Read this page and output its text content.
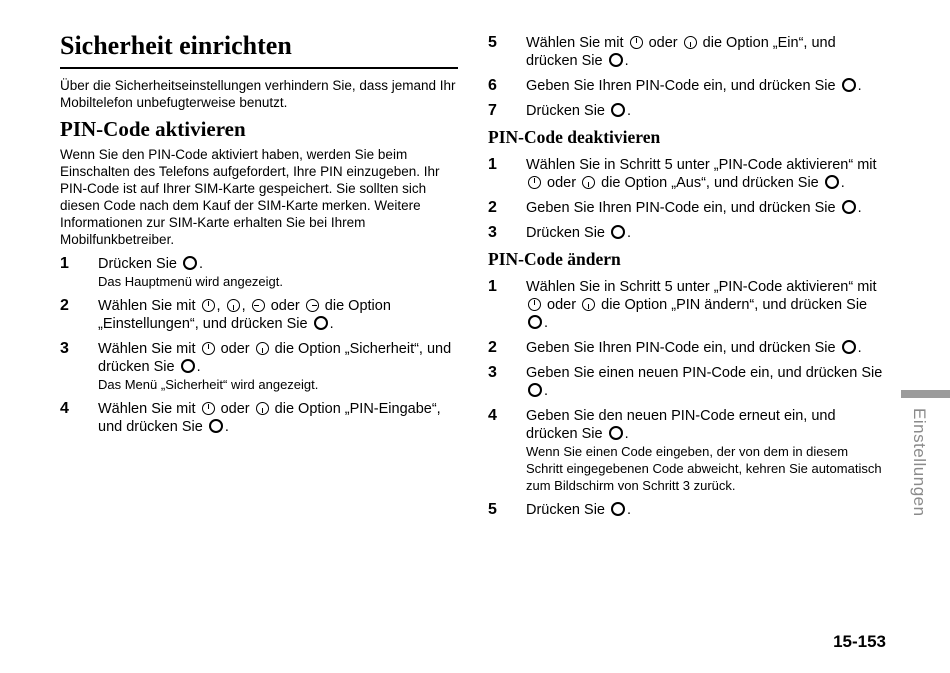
Sicherheit einrichten
Über die Sicherheitseinstellungen verhindern Sie, dass jemand Ihr Mobiltelefon unbefugterweise benutzt.
PIN-Code aktivieren
Wenn Sie den PIN-Code aktiviert haben, werden Sie beim Einschalten des Telefons aufgefordert, Ihre PIN einzugeben. Ihr PIN-Code ist auf Ihrer SIM-Karte gespeichert. Sie sollten sich diesen Code nach dem Kauf der SIM-Karte merken. Weitere Informationen zur SIM-Karte erhalten Sie bei Ihrem Mobilfunkbetreiber.
1 Drücken Sie .
Das Hauptmenü wird angezeigt.
2 Wählen Sie mit , , oder die Option „Einstellungen“, und drücken Sie .
3 Wählen Sie mit oder die Option „Sicherheit“, und drücken Sie .
Das Menü „Sicherheit“ wird angezeigt.
4 Wählen Sie mit oder die Option „PIN-Eingabe“, und drücken Sie .
5 Wählen Sie mit oder die Option „Ein“, und drücken Sie .
6 Geben Sie Ihren PIN-Code ein, und drücken Sie .
7 Drücken Sie .
PIN-Code deaktivieren
1 Wählen Sie in Schritt 5 unter „PIN-Code aktivieren“ mit  oder die Option „Aus“, und drücken Sie .
2 Geben Sie Ihren PIN-Code ein, und drücken Sie .
3 Drücken Sie .
PIN-Code ändern
1 Wählen Sie in Schritt 5 unter „PIN-Code aktivieren“ mit  oder die Option „PIN ändern“, und drücken Sie .
2 Geben Sie Ihren PIN-Code ein, und drücken Sie .
3 Geben Sie einen neuen PIN-Code ein, und drücken Sie .
4 Geben Sie den neuen PIN-Code erneut ein, und drücken Sie .
Wenn Sie einen Code eingeben, der von dem in diesem Schritt eingegebenen Code abweicht, kehren Sie automatisch zum Bildschirm von Schritt 3 zurück.
5 Drücken Sie .	Einstellungen
15-153
